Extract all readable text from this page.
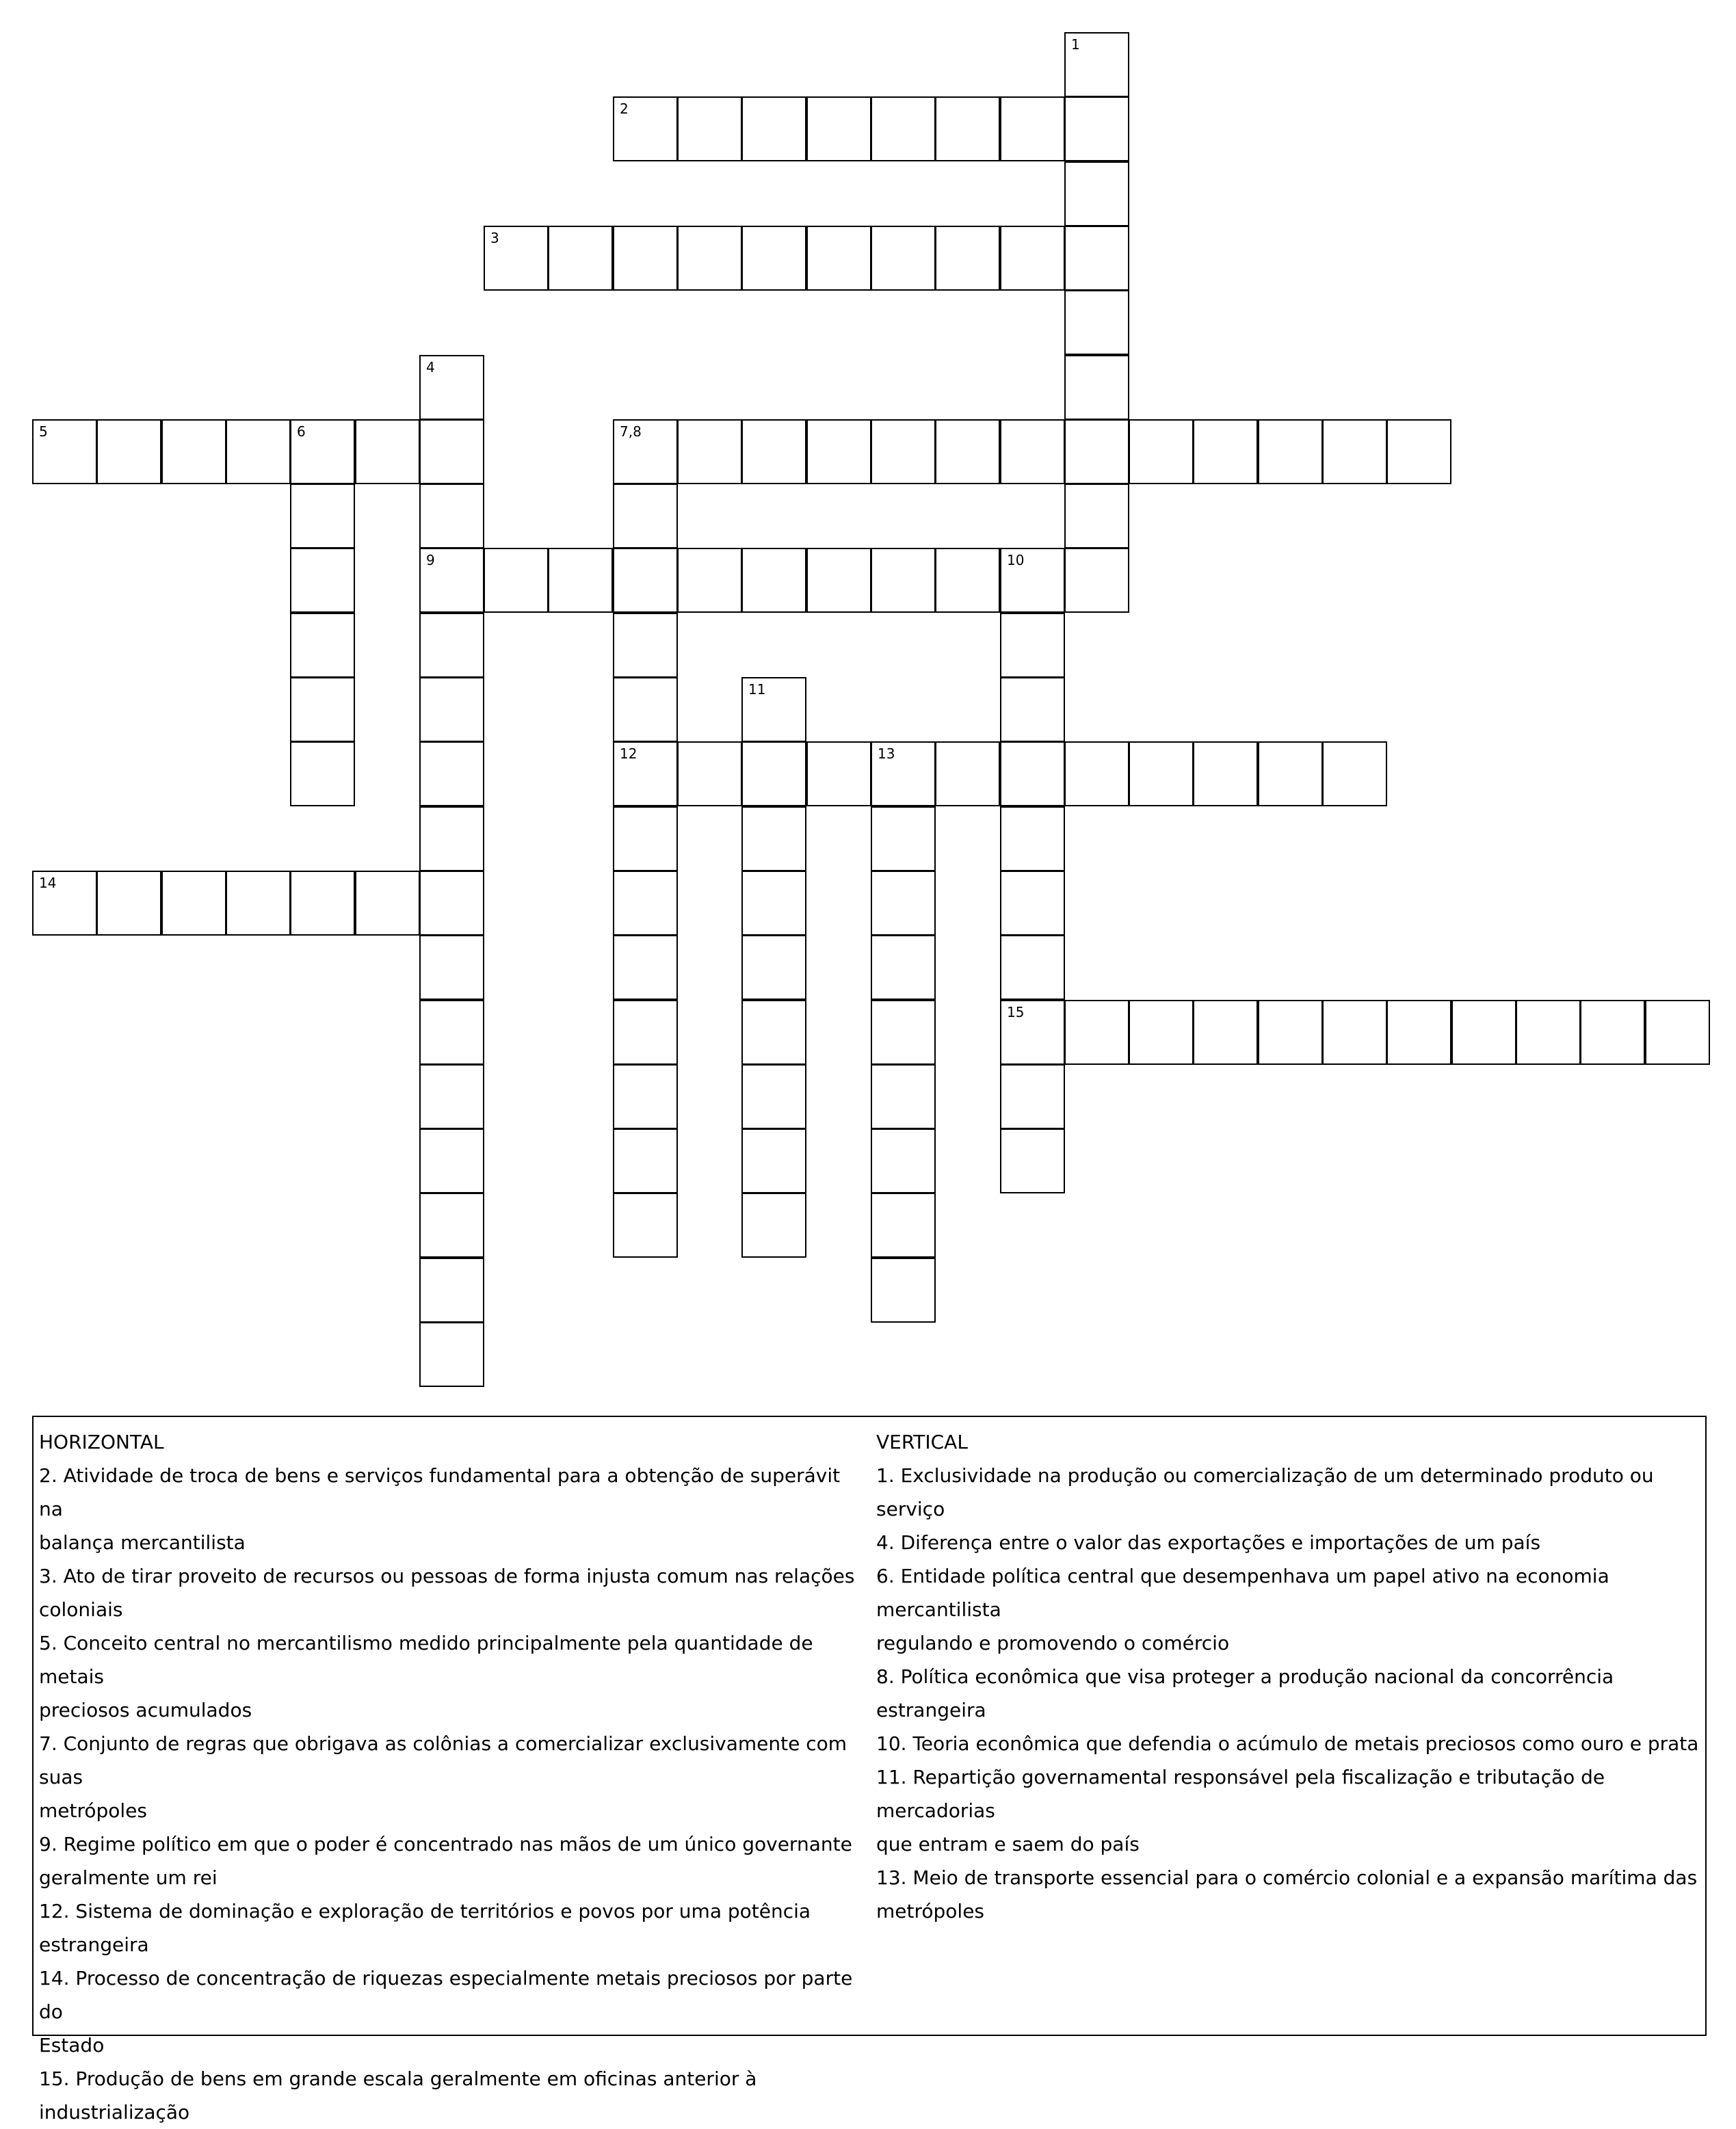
1
2
3
4
9
5	6	7,8
12
10
15
11
13
14

HORIZONTAL

2. Atividade de troca de bens e serviços fundamental para a obtenção de superávit na

balança mercantilista

3. Ato de tirar proveito de recursos ou pessoas de forma injusta comum nas relações

coloniais

5. Conceito central no mercantilismo medido principalmente pela quantidade de metais

preciosos acumulados

7. Conjunto de regras que obrigava as colônias a comercializar exclusivamente com suas

metrópoles

9. Regime político em que o poder é concentrado nas mãos de um único governante

geralmente um rei

12. Sistema de dominação e exploração de territórios e povos por uma potência

estrangeira

14. Processo de concentração de riquezas especialmente metais preciosos por parte do

Estado

15. Produção de bens em grande escala geralmente em oficinas anterior à

industrialização

VERTICAL

1. Exclusividade na produção ou comercialização de um determinado produto ou serviço

4. Diferença entre o valor das exportações e importações de um país

6. Entidade política central que desempenhava um papel ativo na economia mercantilista

regulando e promovendo o comércio

8. Política econômica que visa proteger a produção nacional da concorrência estrangeira

10. Teoria econômica que defendia o acúmulo de metais preciosos como ouro e prata

11. Repartição governamental responsável pela fiscalização e tributação de mercadorias

que entram e saem do país

13. Meio de transporte essencial para o comércio colonial e a expansão marítima das

metrópoles
